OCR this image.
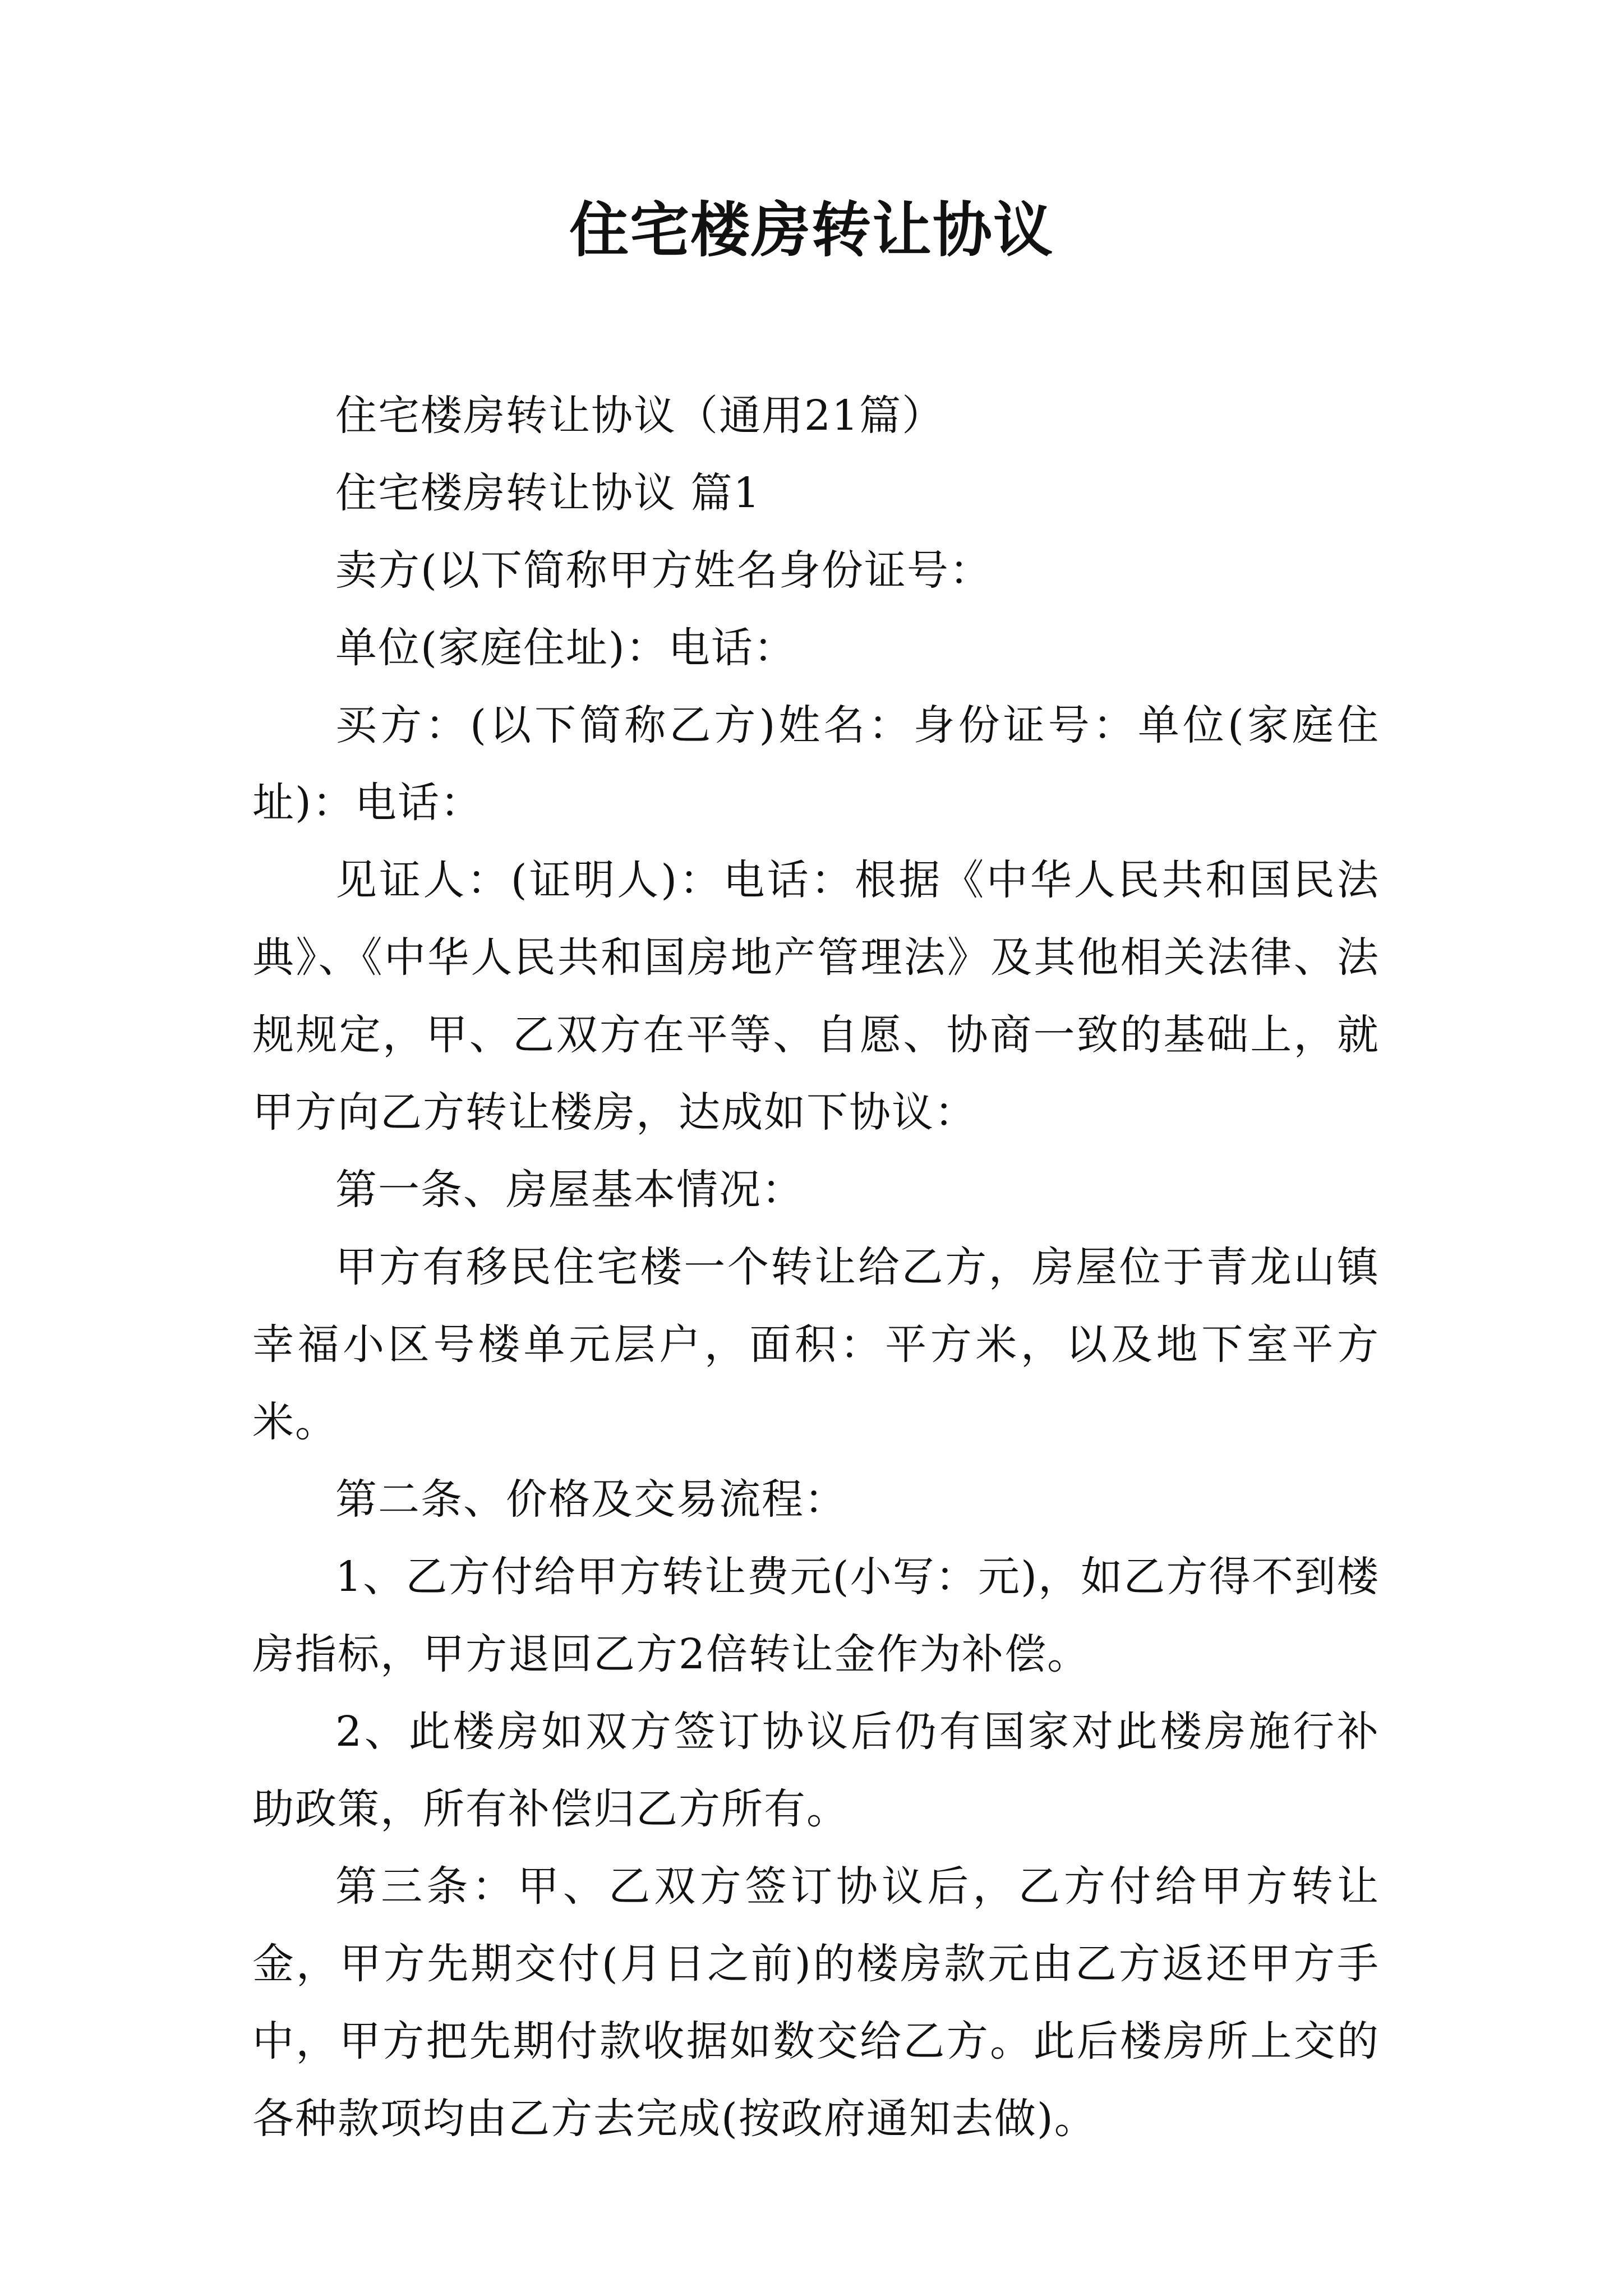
住宅楼房转让协议

住宅楼房转让协议（通用21篇）

住宅楼房转让协议 篇1

卖方(以下简称甲方姓名身份证号：

单位(家庭住址)：电话：

买方：(以下简称乙方)姓名：身份证号：单位(家庭住址)：电话：

见证人：(证明人)：电话：根据《中华人民共和国民法典》、《中华人民共和国房地产管理法》及其他相关法律、法规规定，甲、乙双方在平等、自愿、协商一致的基础上，就甲方向乙方转让楼房，达成如下协议：

第一条、房屋基本情况：

甲方有移民住宅楼一个转让给乙方，房屋位于青龙山镇幸福小区号楼单元层户，面积：平方米，以及地下室平方米。

第二条、价格及交易流程：

1、乙方付给甲方转让费元(小写：元)，如乙方得不到楼房指标，甲方退回乙方2倍转让金作为补偿。

2、此楼房如双方签订协议后仍有国家对此楼房施行补助政策，所有补偿归乙方所有。

第三条：甲、乙双方签订协议后，乙方付给甲方转让金，甲方先期交付(月日之前)的楼房款元由乙方返还甲方手中，甲方把先期付款收据如数交给乙方。此后楼房所上交的各种款项均由乙方去完成(按政府通知去做)。
